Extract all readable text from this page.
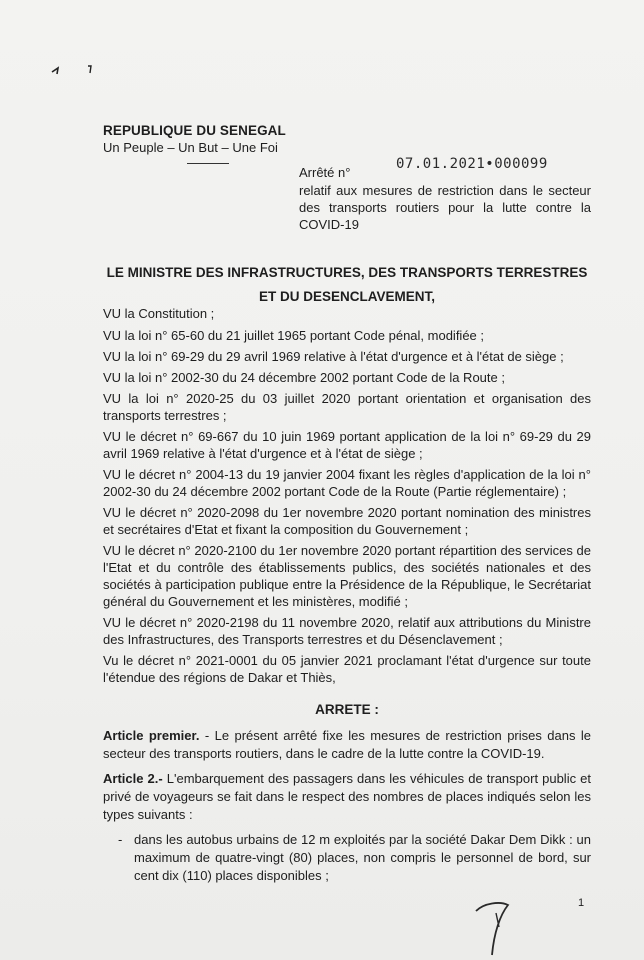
REPUBLIQUE DU SENEGAL
Un Peuple – Un But – Une Foi
Arrêté n°
07.01.2021•000099
relatif aux mesures de restriction dans le secteur des transports routiers pour la lutte contre la COVID-19
LE MINISTRE DES INFRASTRUCTURES, DES TRANSPORTS TERRESTRES
ET DU DESENCLAVEMENT,
VU la Constitution ;
VU la loi n° 65-60 du 21 juillet 1965 portant Code pénal, modifiée ;
VU la loi n° 69-29 du 29 avril 1969 relative à l'état d'urgence et à l'état de siège ;
VU la loi n° 2002-30 du 24 décembre 2002 portant Code de la Route ;
VU la loi n° 2020-25 du 03 juillet 2020 portant orientation et organisation des transports terrestres ;
VU le décret n° 69-667 du 10 juin 1969 portant application de la loi n° 69-29 du 29 avril 1969 relative à l'état d'urgence et à l'état de siège ;
VU le décret n° 2004-13 du 19 janvier 2004 fixant les règles d'application de la loi n° 2002-30 du 24 décembre 2002 portant Code de la Route (Partie réglementaire) ;
VU le décret n° 2020-2098 du 1er novembre 2020 portant nomination des ministres et secrétaires d'Etat et fixant la composition du Gouvernement ;
VU le décret n° 2020-2100 du 1er novembre 2020 portant répartition des services de l'Etat et du contrôle des établissements publics, des sociétés nationales et des sociétés à participation publique entre la Présidence de la République, le Secrétariat général du Gouvernement et les ministères, modifié ;
VU le décret n° 2020-2198 du 11 novembre 2020, relatif aux attributions du Ministre des Infrastructures, des Transports terrestres et du Désenclavement ;
Vu le décret n° 2021-0001 du 05 janvier 2021 proclamant l'état d'urgence sur toute l'étendue des régions de Dakar et Thiès,
ARRETE :
Article premier. - Le présent arrêté fixe les mesures de restriction prises dans le secteur des transports routiers, dans le cadre de la lutte contre la COVID-19.
Article 2.- L'embarquement des passagers dans les véhicules de transport public et privé de voyageurs se fait dans le respect des nombres de places indiqués selon les types suivants :
- dans les autobus urbains de 12 m exploités par la société Dakar Dem Dikk : un maximum de quatre-vingt (80) places, non compris le personnel de bord, sur cent dix (110) places disponibles ;
1
